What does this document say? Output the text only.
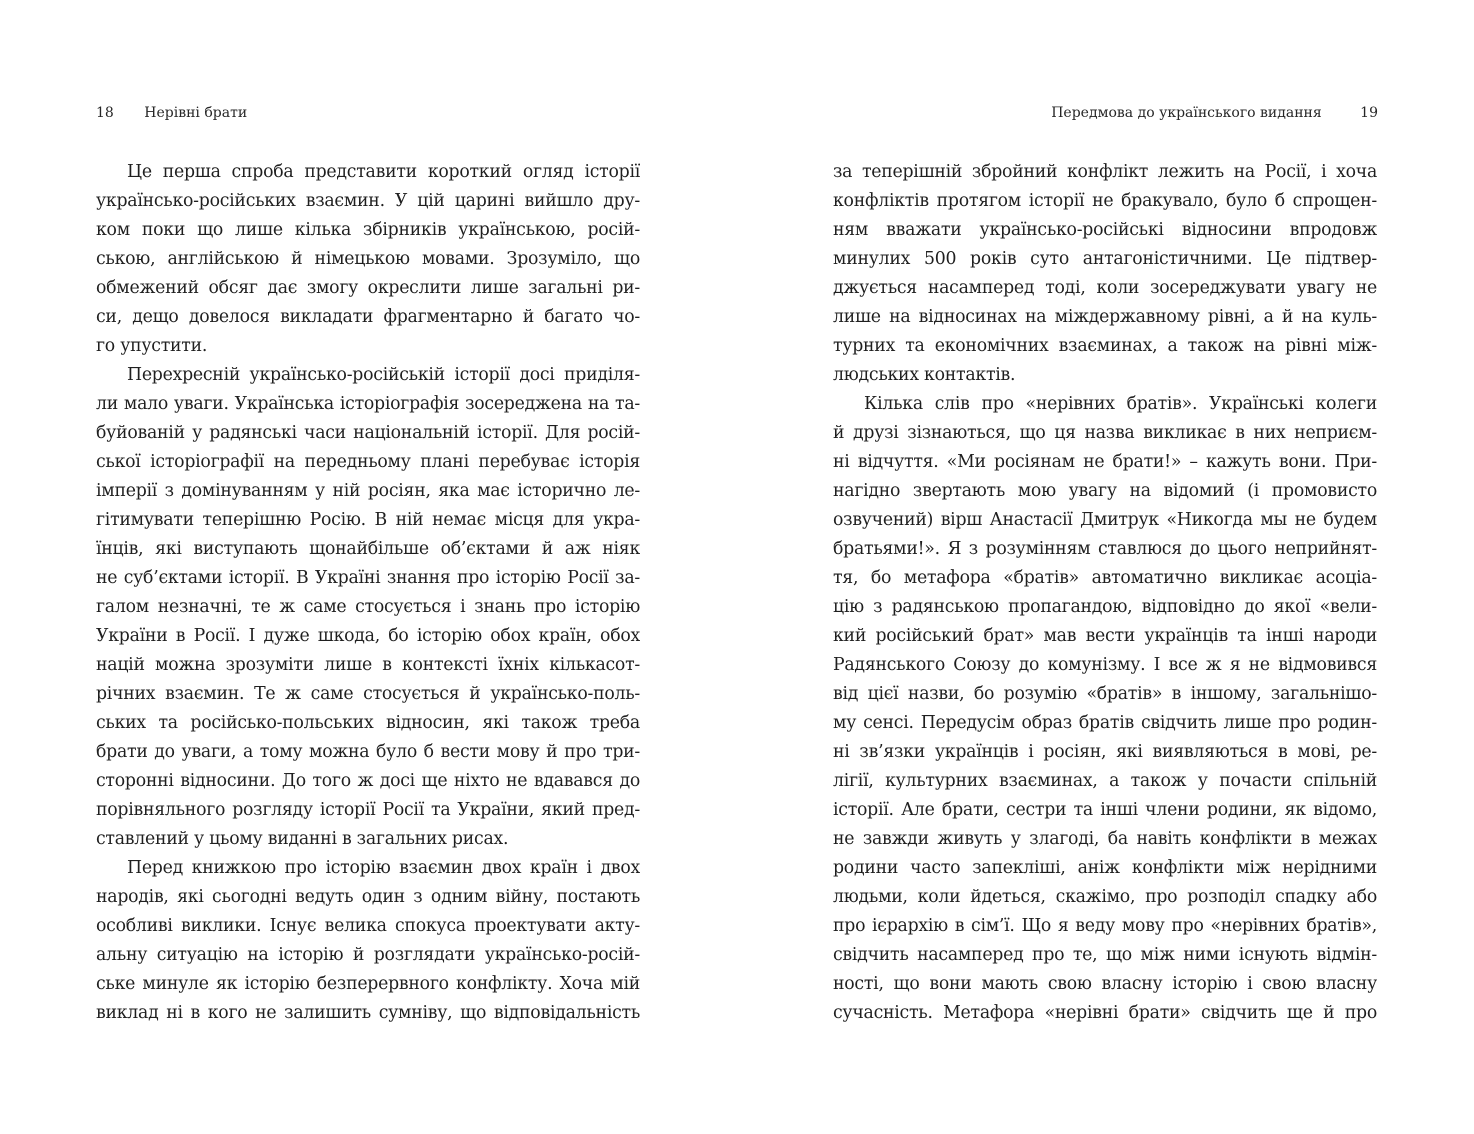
18 Нерівні брати
Це перша спроба представити короткий огляд історії
українсько-російських взаємин. У цій царині вийшло дру-
ком поки що лише кілька збірників українською, росій-
ською, англійською й німецькою мовами. Зрозуміло, що
обмежений обсяг дає змогу окреслити лише загальні ри-
си, дещо довелося викладати фрагментарно й багато чо-
го упустити.
Перехресній українсько-російській історії досі приділя-
ли мало уваги. Українська історіографія зосереджена на та-
буйованій у радянські часи національній історії. Для росій-
ської історіографії на передньому плані перебуває історія
імперії з домінуванням у ній росіян, яка має історично ле-
гітимувати теперішню Росію. В ній немає місця для укра-
їнців, які виступають щонайбільше об’єктами й аж ніяк
не суб’єктами історії. В Україні знання про історію Росії за-
галом незначні, те ж саме стосується і знань про історію
України в Росії. І дуже шкода, бо історію обох країн, обох
націй можна зрозуміти лише в контексті їхніх кількасот-
річних взаємин. Те ж саме стосується й українсько-поль-
ських та російсько-польських відносин, які також треба
брати до уваги, а тому можна було б вести мову й про три-
сторонні відносини. До того ж досі ще ніхто не вдавався до
порівняльного розгляду історії Росії та України, який пред-
ставлений у цьому виданні в загальних рисах.
Перед книжкою про історію взаємин двох країн і двох
народів, які сьогодні ведуть один з одним війну, постають
особливі виклики. Існує велика спокуса проектувати акту-
альну ситуацію на історію й розглядати українсько-росій-
ське минуле як історію безперервного конфлікту. Хоча мій
виклад ні в кого не залишить сумніву, що відповідальність
Передмова до українського видання	19
за теперішній збройний конфлікт лежить на Росії, і хоча
конфліктів протягом історії не бракувало, було б спрощен-
ням вважати українсько-російські відносини впродовж
минулих 500 років суто антагоністичними. Це підтвер-
джується насамперед тоді, коли зосереджувати увагу не
лише на відносинах на міждержавному рівні, а й на куль-
турних та економічних взаєминах, а також на рівні між-
людських контактів.
Кілька слів про «нерівних братів». Українські колеги
й друзі зізнаються, що ця назва викликає в них неприєм-
ні відчуття. «Ми росіянам не брати!» – кажуть вони. При-
нагідно звертають мою увагу на відомий (і промовисто
озвучений) вірш Анастасії Дмитрук «Никогда мы не будем
братьями!». Я з розумінням ставлюся до цього неприйнят-
тя, бо метафора «братів» автоматично викликає асоціа-
цію з радянською пропагандою, відповідно до якої «вели-
кий російський брат» мав вести українців та інші народи
Радянського Союзу до комунізму. І все ж я не відмовився
від цієї назви, бо розумію «братів» в іншому, загальнішо-
му сенсі. Передусім образ братів свідчить лише про родин-
ні зв’язки українців і росіян, які виявляються в мові, ре-
лігії, культурних взаєминах, а також у почасти спільній
історії. Але брати, сестри та інші члени родини, як відомо,
не завжди живуть у злагоді, ба навіть конфлікти в межах
родини часто запекліші, аніж конфлікти між нерідними
людьми, коли йдеться, скажімо, про розподіл спадку або
про ієрархію в сім’ї. Що я веду мову про «нерівних братів»,
свідчить насамперед про те, що між ними існують відмін-
ності, що вони мають свою власну історію і свою власну
сучасність. Метафора «нерівні брати» свідчить ще й про
